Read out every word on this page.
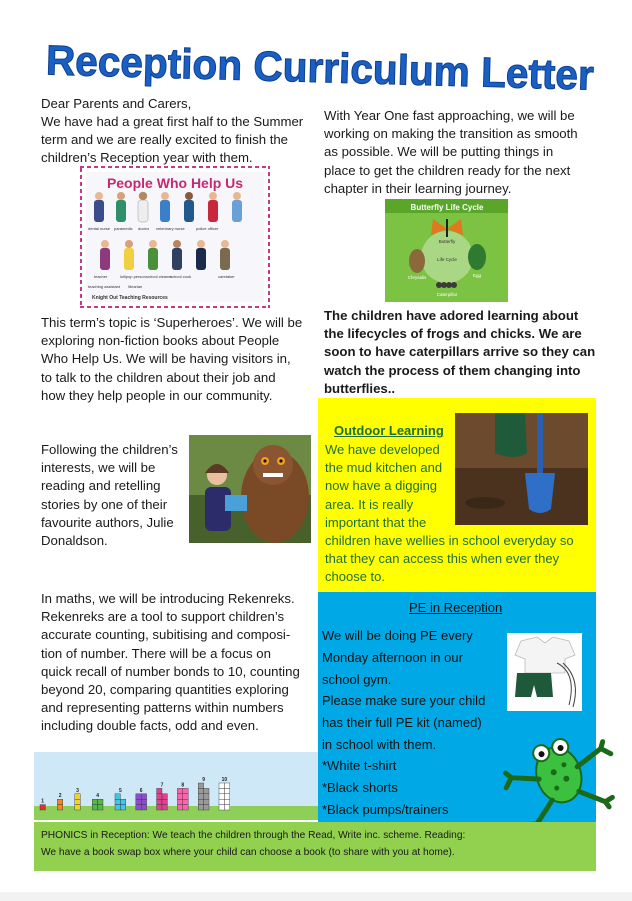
Reception Curriculum Letter
Dear Parents and Carers,
We have had a great first half to the Summer
term and we are really excited to finish the
children’s Reception year with them.
People Who Help Us
dental nurse paramedic doctor veterinary nurse
teacher	lollipop person school cleaner
police officer
teaching assistant librarian
school cook	caretaker
Knight Out Teaching Resources
This term’s topic is ‘Superheroes’. We will be
exploring non-fiction books about People
Who Help Us. We will be having visitors in,
to talk to the children about their job and
how they help people in our community.
Following the children’s
interests, we will be
reading and retelling
stories by one of their
favourite authors, Julie
Donaldson.
In maths, we will be introducing Rekenreks.
Rekenreks are a tool to support children’s
accurate counting, subitising and composi-
tion of number. There will be a focus on
quick recall of number bonds to 10, counting
beyond 20, comparing quantities exploring
and representing patterns within numbers
including double facts, odd and even.
1
2
3
4
5	6
7	8
9	10
With Year One fast approaching, we will be
working on making the transition as smooth
as possible. We will be putting things in
place to get the children ready for the next
chapter in their learning journey.
Butterfly Life Cycle
Butterfly
Egg
Caterpillar
Chrysalis
Life Cycle
The children have adored learning about
the lifecycles of frogs and chicks. We are
soon to have caterpillars arrive so they can
watch the process of them changing into
butterflies..
Outdoor Learning
We have developed
the mud kitchen and
now have a digging
area. It is really
important that the
children have wellies in school everyday so
that they can access this when ever they
choose to.
PE in Reception
We will be doing PE every
Monday afternoon in our
school gym.
Please make sure your child
has their full PE kit (named)
in school with them.
*White t-shirt
*Black shorts
*Black pumps/trainers
PHONICS in Reception: We teach the children through the Read, Write inc. scheme. Reading:
We have a book swap box where your child can choose a book (to share with you at home).
